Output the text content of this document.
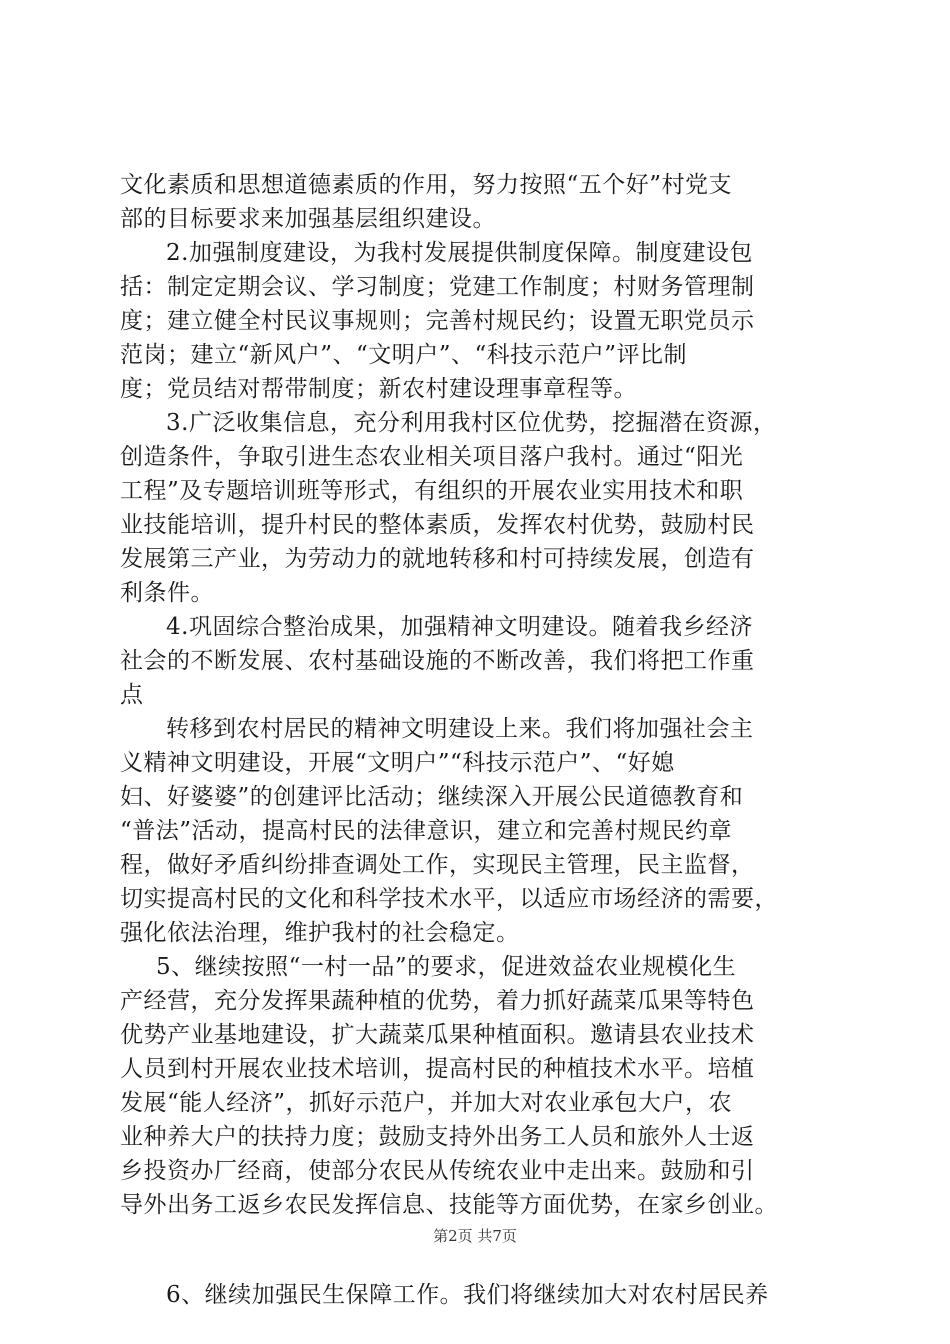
文化素质和思想道德素质的作用，努力按照“五个好”村党支
部的目标要求来加强基层组织建设。
2.加强制度建设，为我村发展提供制度保障。制度建设包
括：制定定期会议、学习制度；党建工作制度；村财务管理制
度；建立健全村民议事规则；完善村规民约；设置无职党员示
范岗；建立“新风户”、“文明户”、“科技示范户”评比制
度；党员结对帮带制度；新农村建设理事章程等。
3.广泛收集信息，充分利用我村区位优势，挖掘潜在资源，
创造条件，争取引进生态农业相关项目落户我村。通过“阳光
工程”及专题培训班等形式，有组织的开展农业实用技术和职
业技能培训，提升村民的整体素质，发挥农村优势，鼓励村民
发展第三产业，为劳动力的就地转移和村可持续发展，创造有
利条件。
4.巩固综合整治成果，加强精神文明建设。随着我乡经济
社会的不断发展、农村基础设施的不断改善，我们将把工作重
点
转移到农村居民的精神文明建设上来。我们将加强社会主
义精神文明建设，开展“文明户”“科技示范户”、“好媳
妇、好婆婆”的创建评比活动；继续深入开展公民道德教育和
“普法”活动，提高村民的法律意识，建立和完善村规民约章
程，做好矛盾纠纷排查调处工作，实现民主管理，民主监督，
切实提高村民的文化和科学技术水平，以适应市场经济的需要，
强化依法治理，维护我村的社会稳定。
5、继续按照“一村一品”的要求，促进效益农业规模化生
产经营，充分发挥果蔬种植的优势，着力抓好蔬菜瓜果等特色
优势产业基地建设，扩大蔬菜瓜果种植面积。邀请县农业技术
人员到村开展农业技术培训，提高村民的种植技术水平。培植
发展“能人经济”，抓好示范户，并加大对农业承包大户，农
业种养大户的扶持力度；鼓励支持外出务工人员和旅外人士返
乡投资办厂经商，使部分农民从传统农业中走出来。鼓励和引
导外出务工返乡农民发挥信息、技能等方面优势，在家乡创业。
6、继续加强民生保障工作。我们将继续加大对农村居民养
第2页 共7页
